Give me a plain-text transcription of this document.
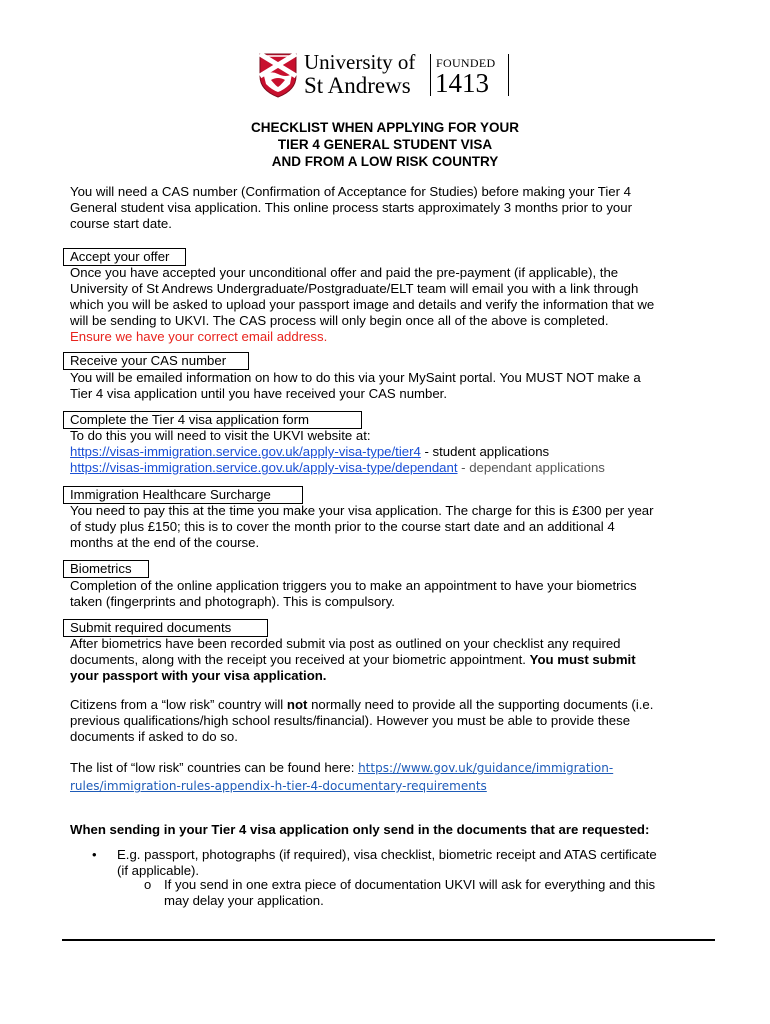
University of
St Andrews
FOUNDED
1413
CHECKLIST WHEN APPLYING FOR YOUR
TIER 4 GENERAL STUDENT VISA
AND FROM A LOW RISK COUNTRY
You will need a CAS number (Confirmation of Acceptance for Studies) before making your Tier 4
General student visa application. This online process starts approximately 3 months prior to your
course start date.
Accept your offer
Once you have accepted your unconditional offer and paid the pre-payment (if applicable), the
University of St Andrews Undergraduate/Postgraduate/ELT team will email you with a link through
which you will be asked to upload your passport image and details and verify the information that we
will be sending to UKVI. The CAS process will only begin once all of the above is completed.
Ensure we have your correct email address.
Receive your CAS number
You will be emailed information on how to do this via your MySaint portal. You MUST NOT make a
Tier 4 visa application until you have received your CAS number.
Complete the Tier 4 visa application form
To do this you will need to visit the UKVI website at:
https://visas-immigration.service.gov.uk/apply-visa-type/tier4 - student applications
https://visas-immigration.service.gov.uk/apply-visa-type/dependant - dependant applications
Immigration Healthcare Surcharge
You need to pay this at the time you make your visa application. The charge for this is £300 per year
of study plus £150; this is to cover the month prior to the course start date and an additional 4
months at the end of the course.
Biometrics
Completion of the online application triggers you to make an appointment to have your biometrics
taken (fingerprints and photograph). This is compulsory.
Submit required documents
After biometrics have been recorded submit via post as outlined on your checklist any required
documents, along with the receipt you received at your biometric appointment. You must submit
your passport with your visa application.
Citizens from a “low risk” country will not normally need to provide all the supporting documents (i.e.
previous qualifications/high school results/financial). However you must be able to provide these
documents if asked to do so.
The list of “low risk” countries can be found here: https://www.gov.uk/guidance/immigration-
rules/immigration-rules-appendix-h-tier-4-documentary-requirements
When sending in your Tier 4 visa application only send in the documents that are requested:
• E.g. passport, photographs (if required), visa checklist, biometric receipt and ATAS certificate
(if applicable).
o If you send in one extra piece of documentation UKVI will ask for everything and this
may delay your application.
